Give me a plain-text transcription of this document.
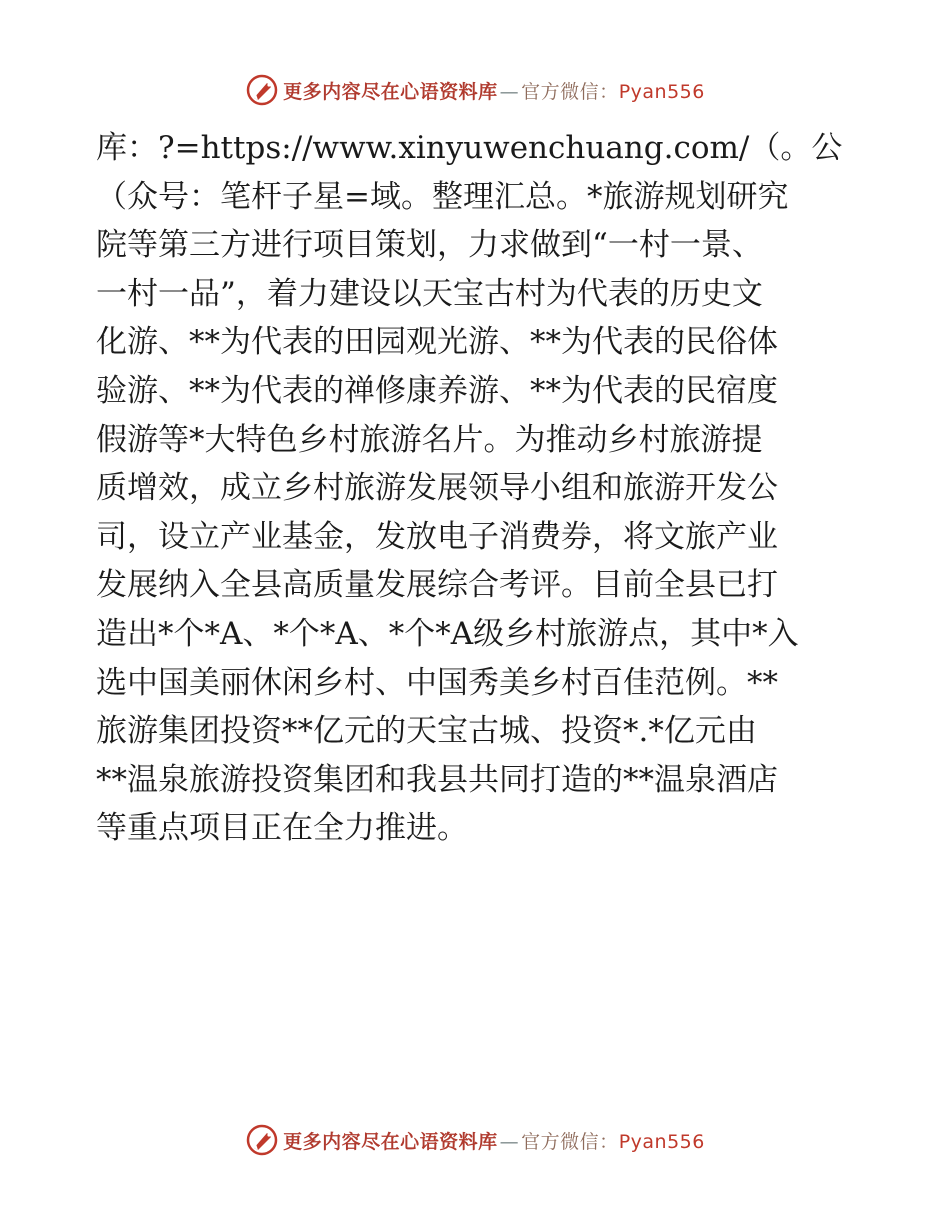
更多内容尽在心语资料库 — 官方微信：Pyan556
库：?=https://www.xinyuwenchuang.com/（。公
（众号：笔杆子星=域。整理汇总。*旅游规划研究
院等第三方进行项目策划，力求做到“一村一景、
一村一品”，着力建设以天宝古村为代表的历史文
化游、**为代表的田园观光游、**为代表的民俗体
验游、**为代表的禅修康养游、**为代表的民宿度
假游等*大特色乡村旅游名片。为推动乡村旅游提
质增效，成立乡村旅游发展领导小组和旅游开发公
司，设立产业基金，发放电子消费券，将文旅产业
发展纳入全县高质量发展综合考评。目前全县已打
造出*个*A、*个*A、*个*A级乡村旅游点，其中*入
选中国美丽休闲乡村、中国秀美乡村百佳范例。**
旅游集团投资**亿元的天宝古城、投资*.*亿元由
**温泉旅游投资集团和我县共同打造的**温泉酒店
等重点项目正在全力推进。
更多内容尽在心语资料库 — 官方微信：Pyan556
